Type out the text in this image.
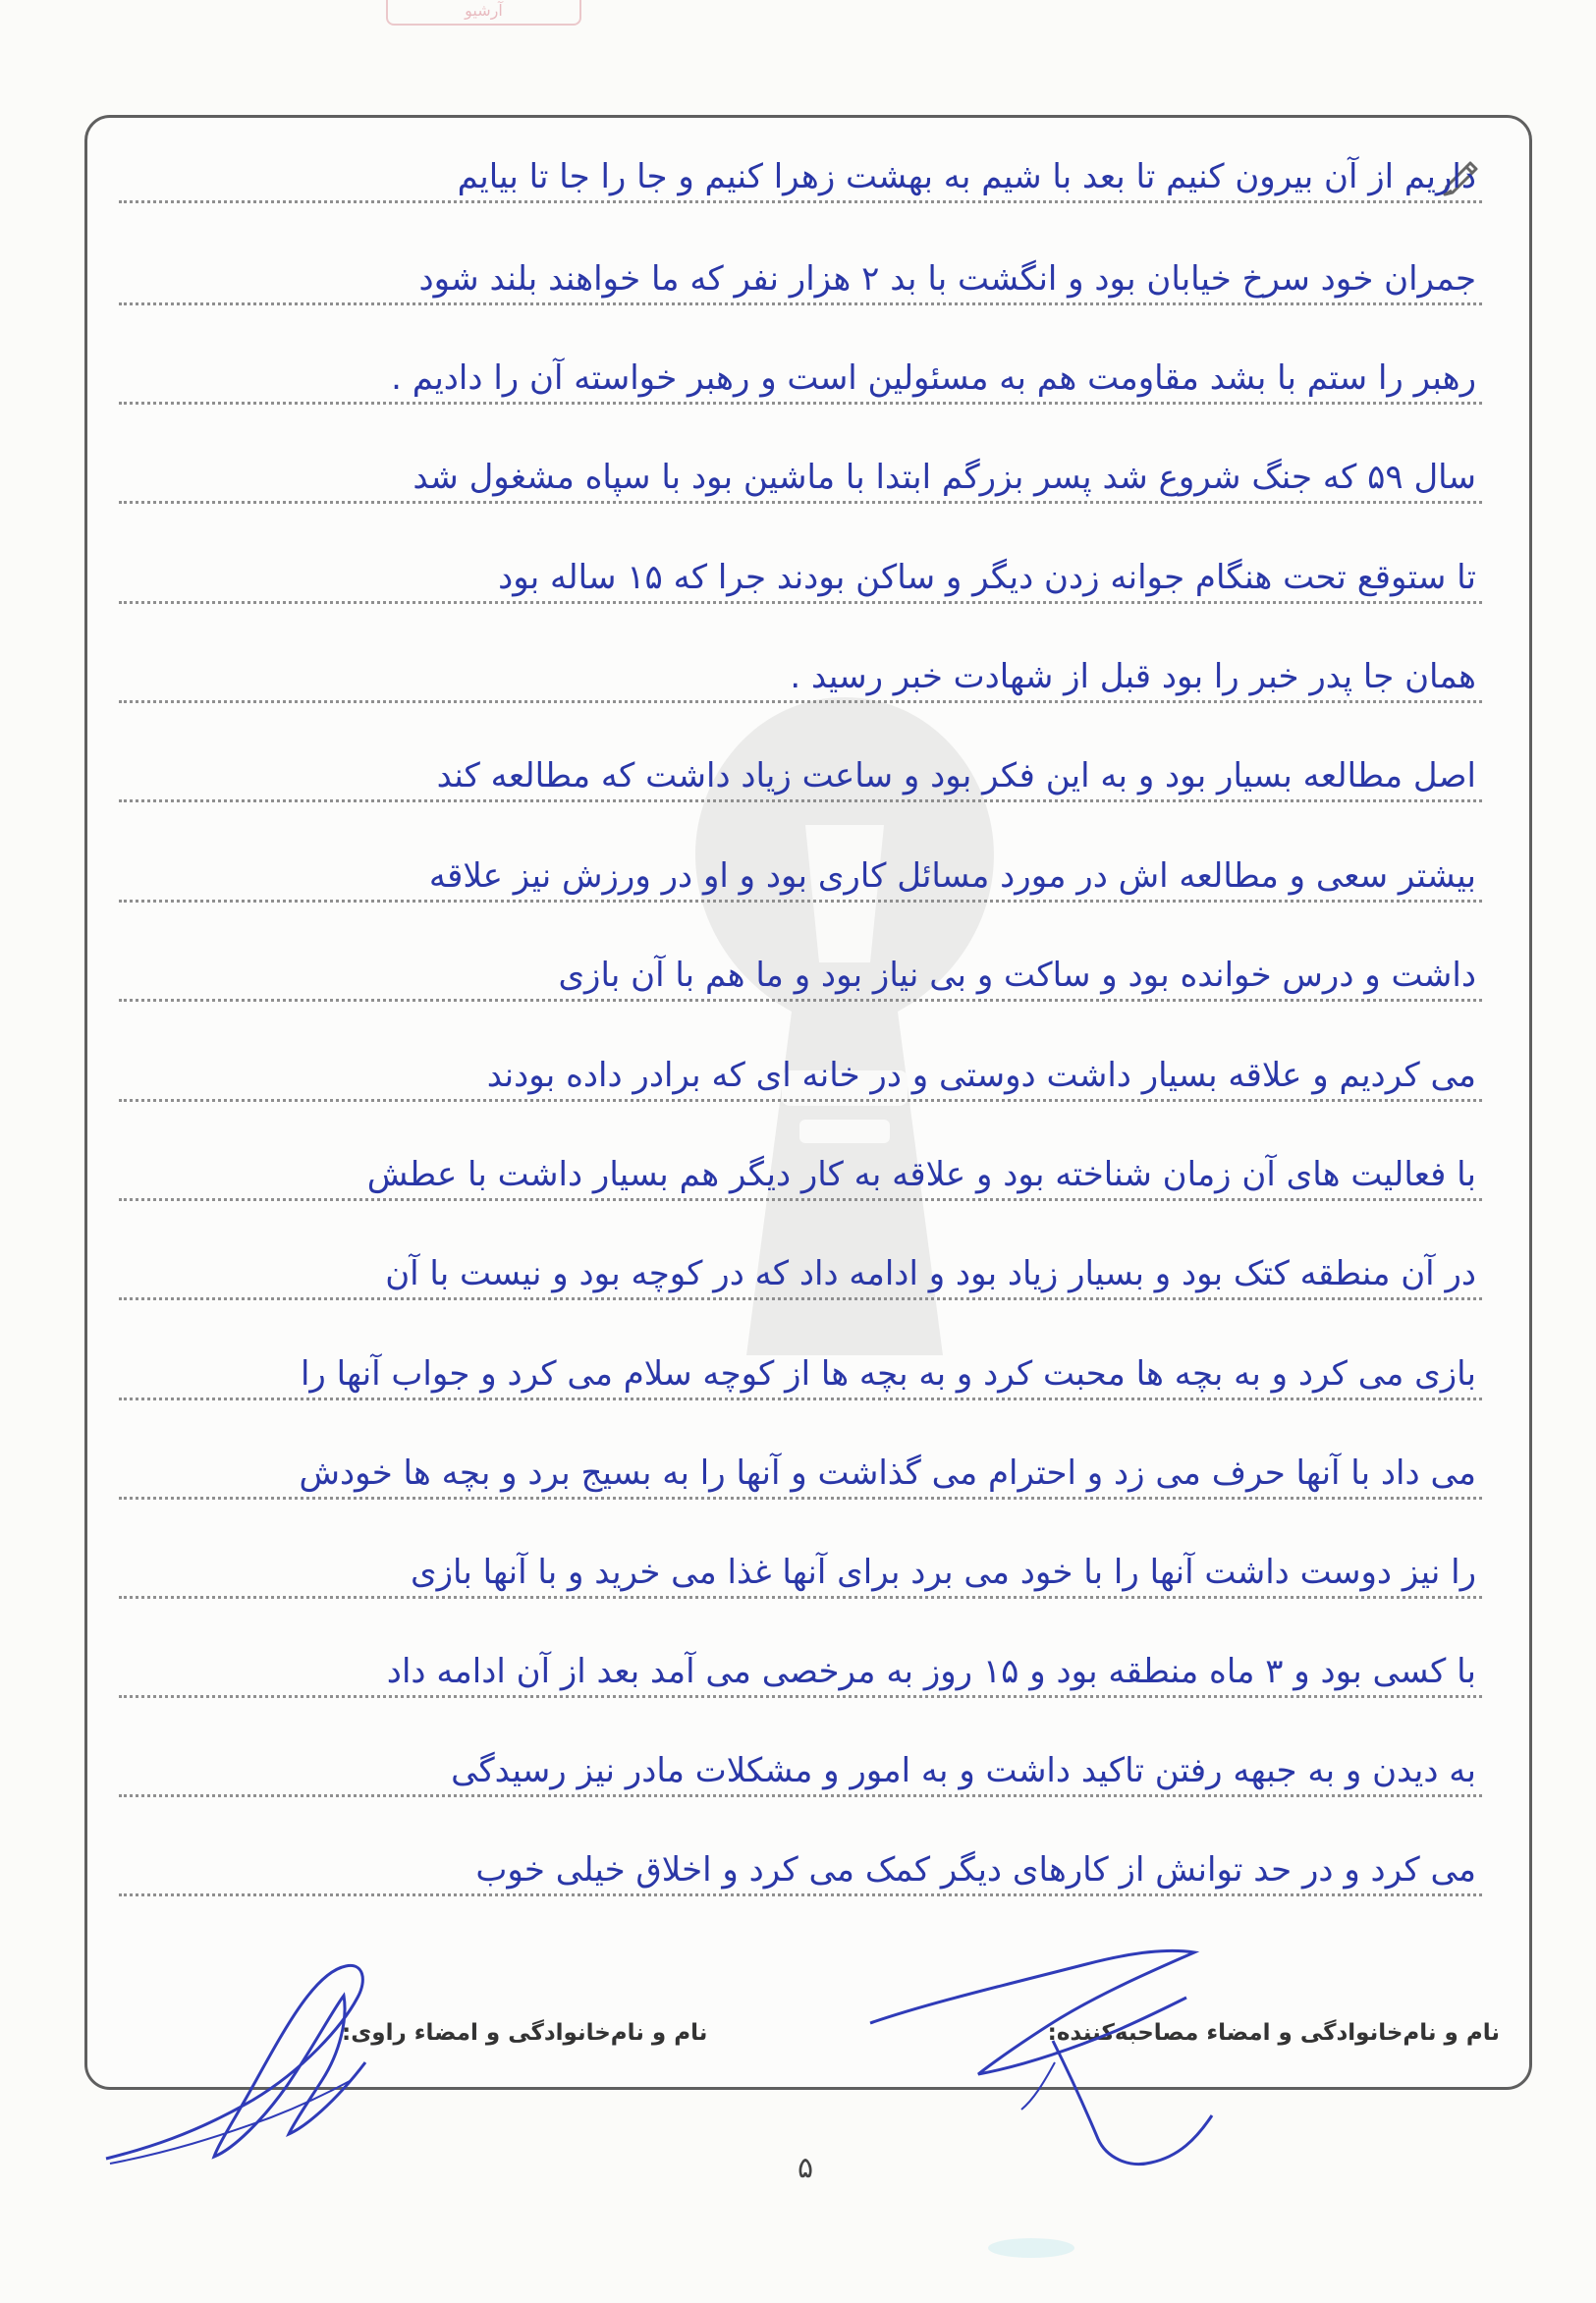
آرشیو
داریم از آن بیرون کنیم تا بعد با شیم به بهشت زهرا کنیم و جا را جا تا بیایم
جمران خود سرخ خیابان بود و انگشت با بد ۲ هزار نفر که ما خواهند بلند شود
رهبر را ستم با بشد مقاومت هم به مسئولین است و رهبر خواسته آن را دادیم .
سال ۵۹ که جنگ شروع شد پسر بزرگم ابتدا با ماشین بود با سپاه مشغول شد
تا ستوقع تحت هنگام جوانه زدن دیگر و ساکن بودند جرا که ۱۵ ساله بود
همان جا پدر خبر را بود قبل از شهادت خبر رسید .
اصل مطالعه بسیار بود و به این فکر بود و ساعت زیاد داشت که مطالعه کند
بیشتر سعی و مطالعه اش در مورد مسائل کاری بود و او در ورزش نیز علاقه
داشت و درس خوانده بود و ساکت و بی نیاز بود و ما هم با آن بازی
می کردیم و علاقه بسیار داشت دوستی و در خانه ای که برادر داده بودند
با فعالیت های آن زمان شناخته بود و علاقه به کار دیگر هم بسیار داشت با عطش
در آن منطقه کتک بود و بسیار زیاد بود و ادامه داد که در کوچه بود و نیست با آن
بازی می کرد و به بچه ها محبت کرد و به بچه ها از کوچه سلام می کرد و جواب آنها را
می داد با آنها حرف می زد و احترام می گذاشت و آنها را به بسیج برد و بچه ها خودش
را نیز دوست داشت آنها را با خود می برد برای آنها غذا می خرید و با آنها بازی
با کسی بود و ۳ ماه منطقه بود و ۱۵ روز به مرخصی می آمد بعد از آن ادامه داد
به دیدن و به جبهه رفتن تاکید داشت و به امور و مشکلات مادر نیز رسیدگی
می کرد و در حد توانش از کارهای دیگر کمک می کرد و اخلاق خیلی خوب
نام و نام‌خانوادگی و امضاء مصاحبه‌کننده:
نام و نام‌خانوادگی و امضاء راوی:
۵
